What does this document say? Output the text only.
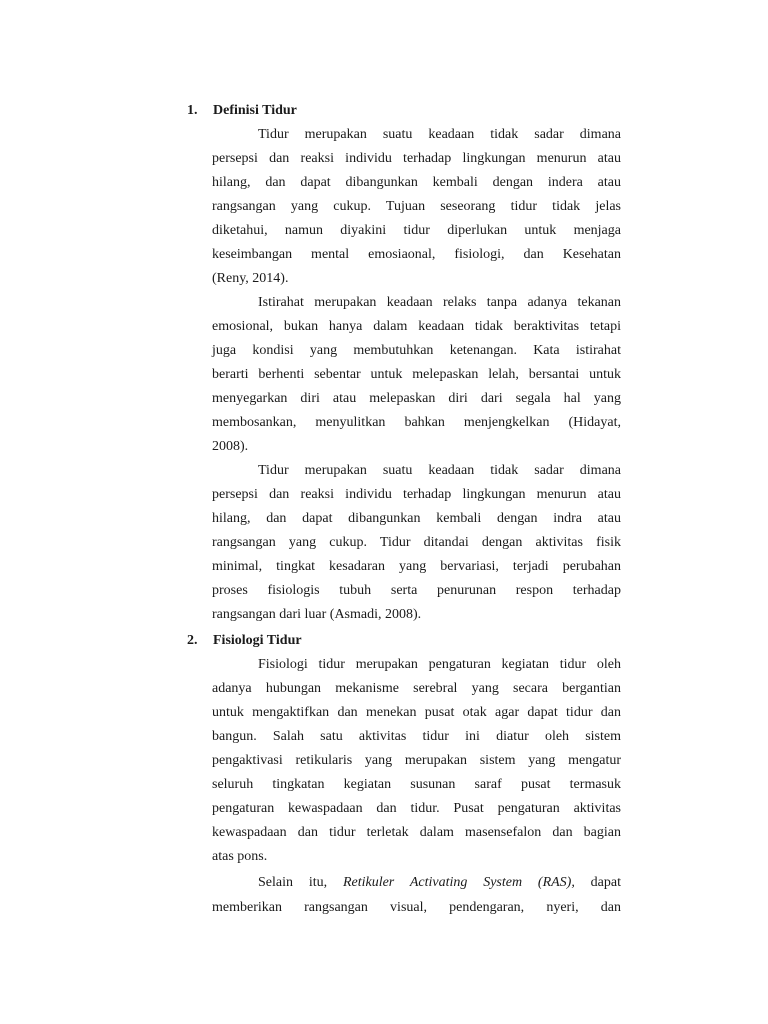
1. Definisi Tidur
Tidur merupakan suatu keadaan tidak sadar dimana
persepsi dan reaksi individu terhadap lingkungan menurun atau
hilang, dan dapat dibangunkan kembali dengan indera atau
rangsangan yang cukup. Tujuan seseorang tidur tidak jelas
diketahui, namun diyakini tidur diperlukan untuk menjaga
keseimbangan mental emosiaonal, fisiologi, dan Kesehatan
(Reny, 2014).
Istirahat merupakan keadaan relaks tanpa adanya tekanan
emosional, bukan hanya dalam keadaan tidak beraktivitas tetapi
juga kondisi yang membutuhkan ketenangan. Kata istirahat
berarti berhenti sebentar untuk melepaskan lelah, bersantai untuk
menyegarkan diri atau melepaskan diri dari segala hal yang
membosankan, menyulitkan bahkan menjengkelkan (Hidayat,
2008).
Tidur merupakan suatu keadaan tidak sadar dimana
persepsi dan reaksi individu terhadap lingkungan menurun atau
hilang, dan dapat dibangunkan kembali dengan indra atau
rangsangan yang cukup. Tidur ditandai dengan aktivitas fisik
minimal, tingkat kesadaran yang bervariasi, terjadi perubahan
proses fisiologis tubuh serta penurunan respon terhadap
rangsangan dari luar (Asmadi, 2008).
2. Fisiologi Tidur
Fisiologi tidur merupakan pengaturan kegiatan tidur oleh
adanya hubungan mekanisme serebral yang secara bergantian
untuk mengaktifkan dan menekan pusat otak agar dapat tidur dan
bangun. Salah satu aktivitas tidur ini diatur oleh sistem
pengaktivasi retikularis yang merupakan sistem yang mengatur
seluruh tingkatan kegiatan susunan saraf pusat termasuk
pengaturan kewaspadaan dan tidur. Pusat pengaturan aktivitas
kewaspadaan dan tidur terletak dalam masensefalon dan bagian
atas pons.
Selain itu, Retikuler Activating System (RAS), dapat
memberikan rangsangan visual, pendengaran, nyeri, dan
